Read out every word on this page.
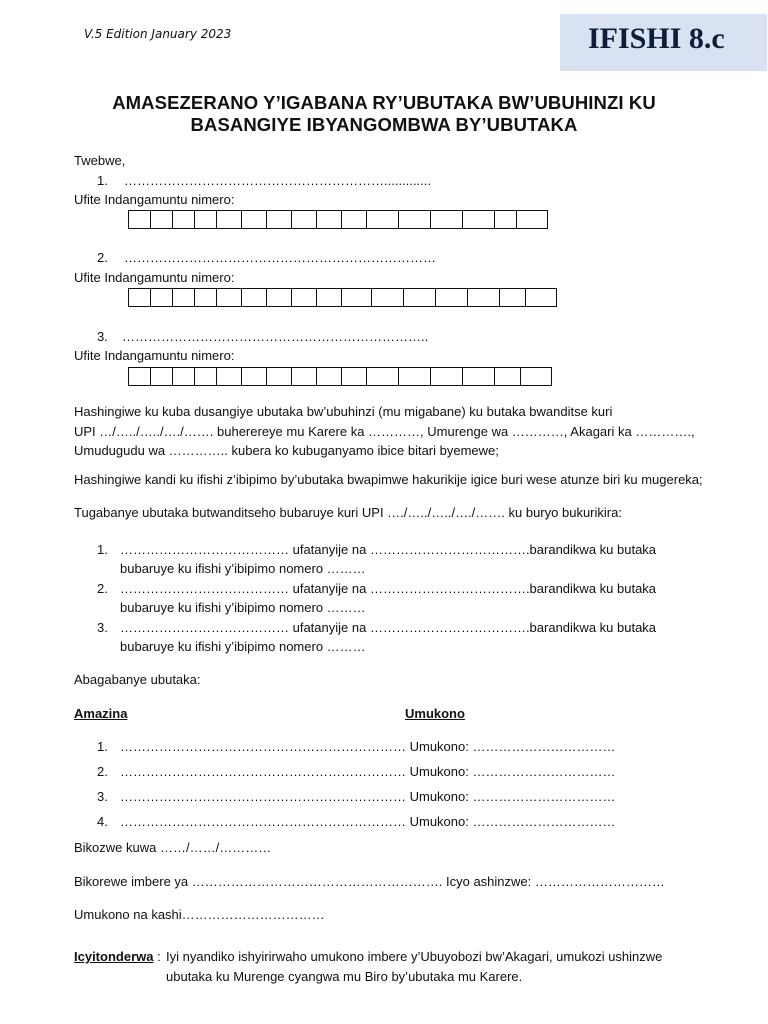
V.5 Edition January 2023	IFISHI 8.c
AMASEZERANO Y’IGABANA RY’UBUTAKA BW’UBUHINZI KU
BASANGIYE IBYANGOMBWA BY’UBUTAKA
Twebwe,
1. …………………………………………………….............
Ufite Indangamuntu nimero:
2. ………………………………………………………………
Ufite Indangamuntu nimero:
3. ……………………………………………………………..
Ufite Indangamuntu nimero:
Hashingiwe ku kuba dusangiye ubutaka bw’ubuhinzi (mu migabane) ku butaka bwanditse kuri
UPI …/…../…../…./……. buherereye mu Karere ka …………, Umurenge wa …………, Akagari ka ………….,
Umudugudu wa ………….. kubera ko kubuganyamo ibice bitari byemewe;
Hashingiwe kandi ku ifishi z’ibipimo by’ubutaka bwapimwe hakurikije igice buri wese atunze biri ku mugereka;
Tugabanye ubutaka butwanditseho bubaruye kuri UPI …./…../…../…./……. ku buryo bukurikira:
1. ………………………………… ufatanyije na ……………………………….barandikwa ku butaka
bubaruye ku ifishi y’ibipimo nomero ………
2. ………………………………… ufatanyije na ……………………………….barandikwa ku butaka
bubaruye ku ifishi y’ibipimo nomero ………
3. ………………………………… ufatanyije na ……………………………….barandikwa ku butaka
bubaruye ku ifishi y’ibipimo nomero ………
Abagabanye ubutaka:
Amazina	Umukono
1. ………………………………………………………… Umukono: ……………………………
2. ………………………………………………………… Umukono: ……………………………
3. ………………………………………………………… Umukono: ……………………………
4. ………………………………………………………… Umukono: ……………………………
Bikozwe kuwa ……/……/…………
Bikorewe imbere ya …………………………………………………. Icyo ashinzwe: …………………………
Umukono na kashi……………………………
Icyitonderwa : Iyi nyandiko ishyirirwaho umukono imbere y’Ubuyobozi bw’Akagari, umukozi ushinzwe
ubutaka ku Murenge cyangwa mu Biro by’ubutaka mu Karere.
